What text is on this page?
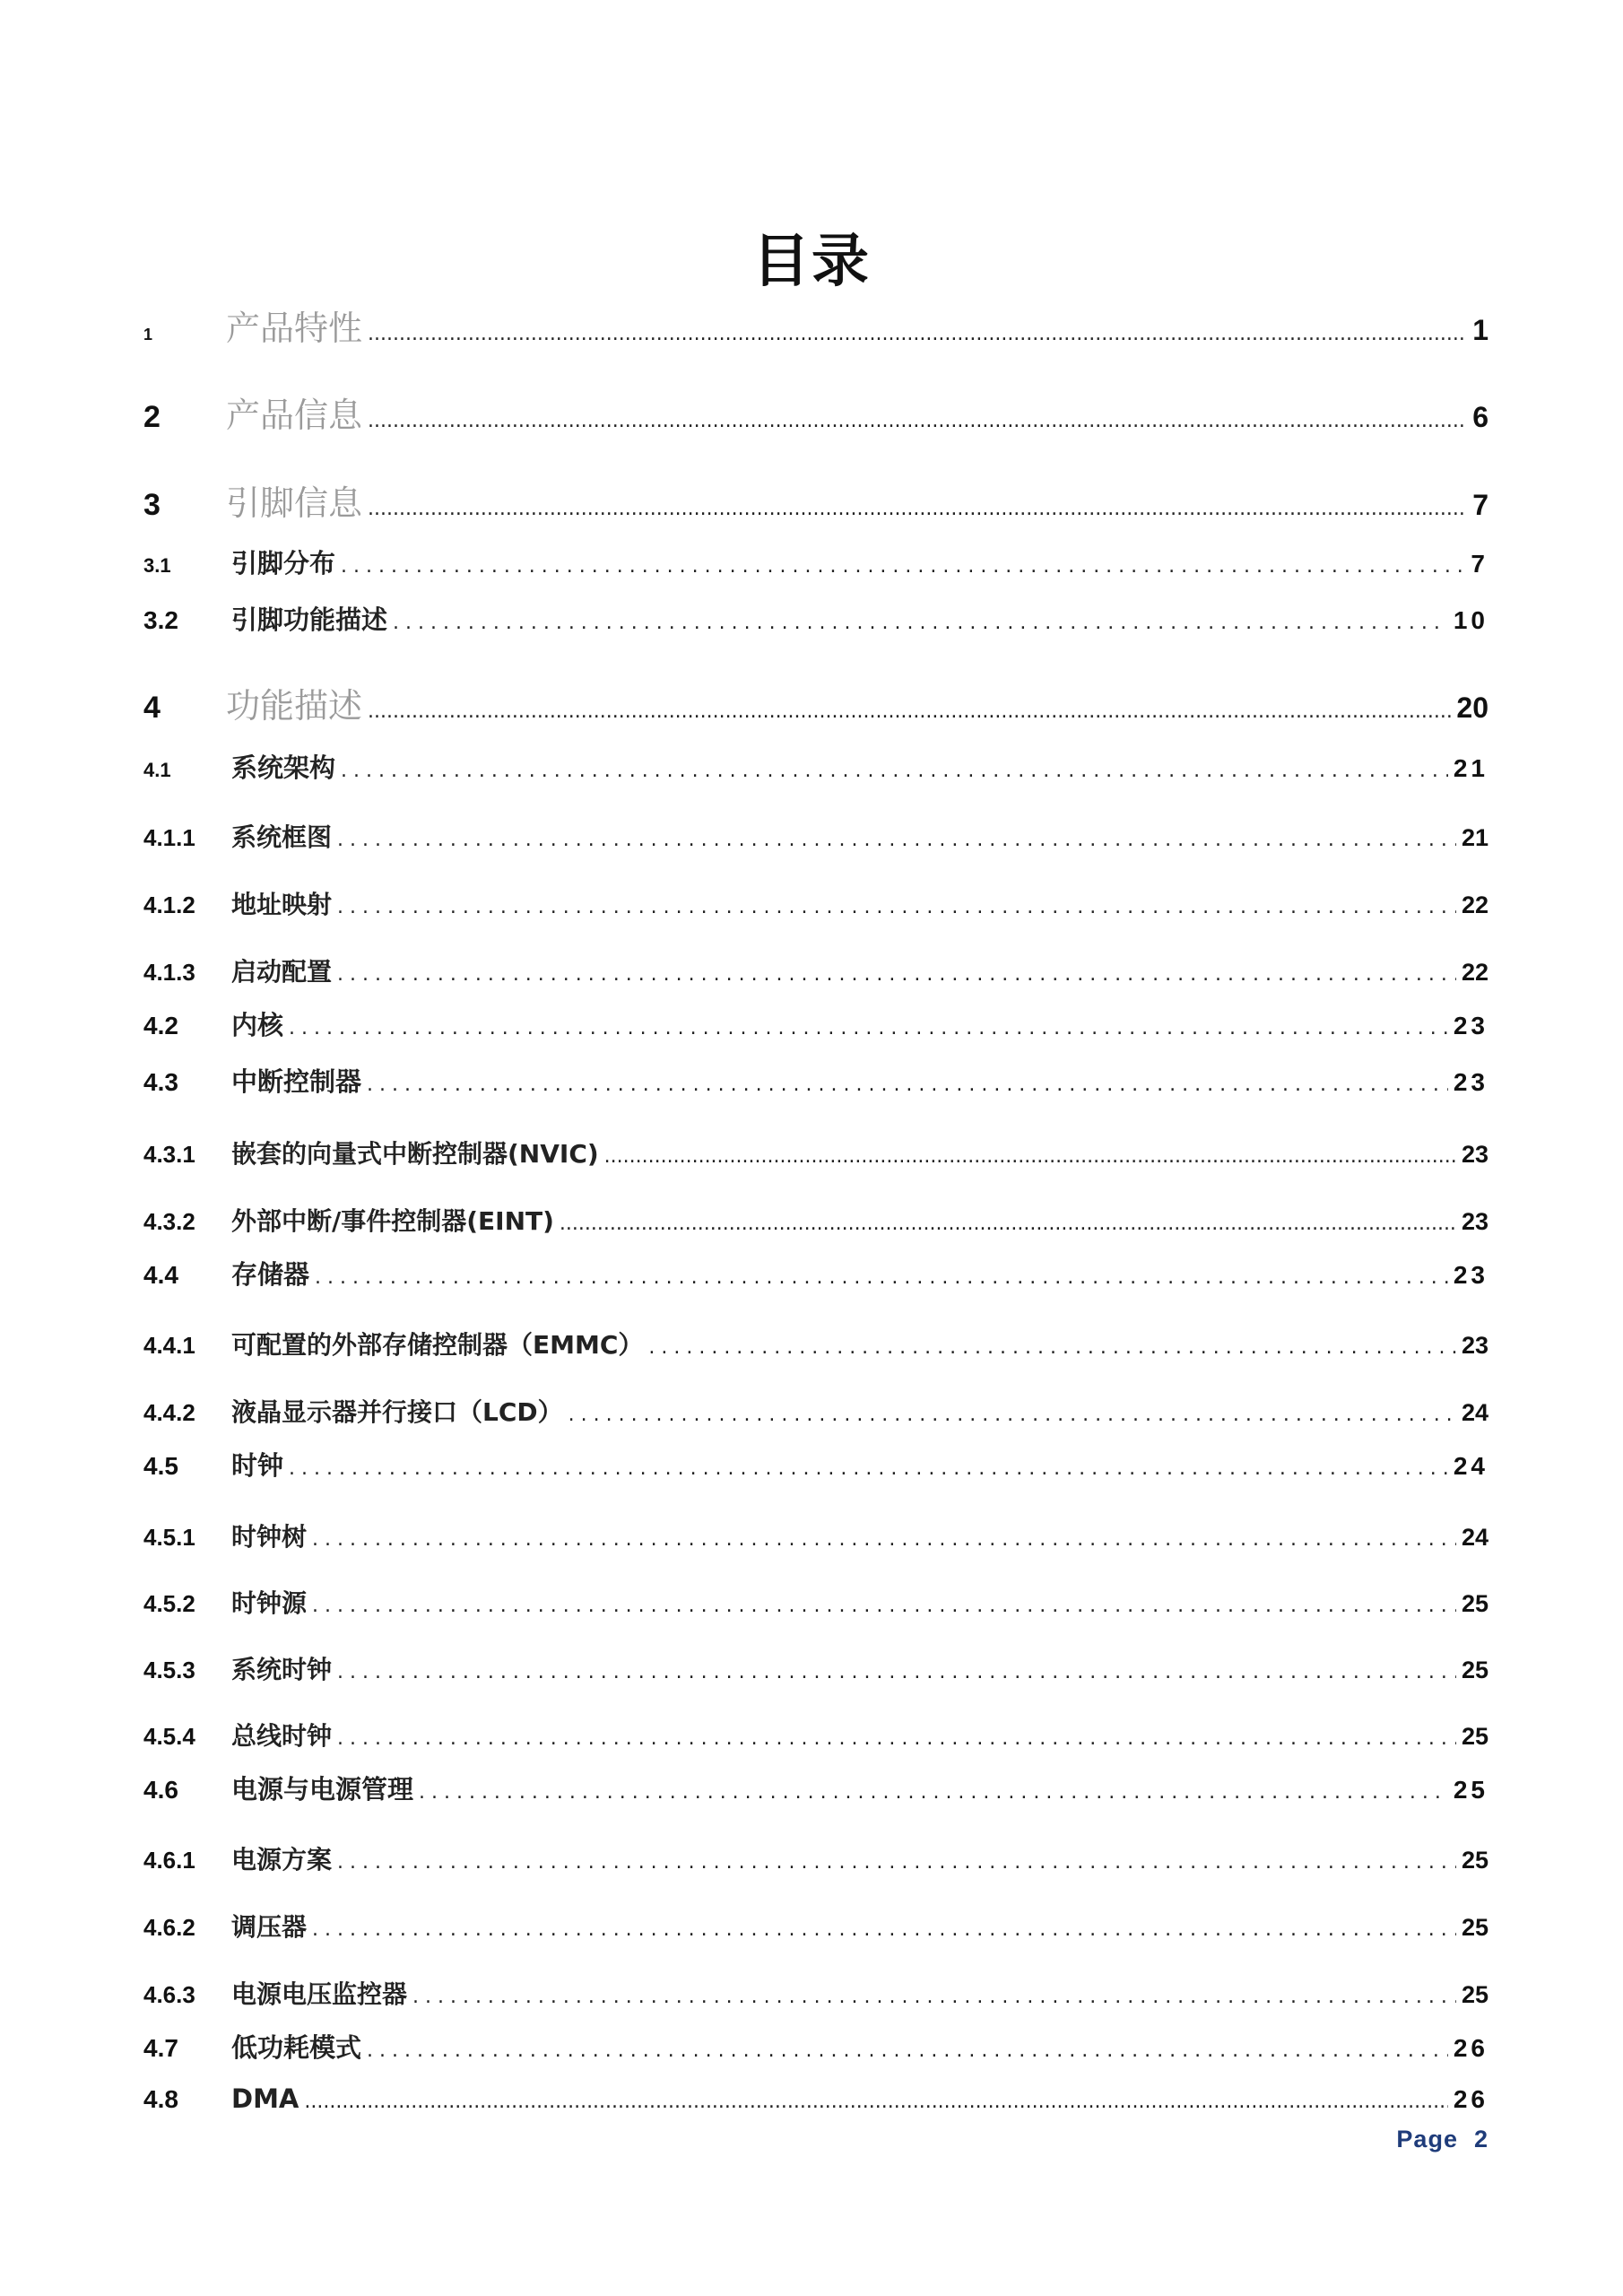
目录
1	产品特性 .....	1
2	产品信息 .....	6
3	引脚信息 .....	7
3.1	引脚分布 . . .	7
3.2	引脚功能描述 . . .	10
4	功能描述 .....	20
4.1	系统架构 . . .	21
4.1.1	系统框图 . . .	21
4.1.2	地址映射 . . .	22
4.1.3	启动配置 . . .	22
4.2	内核 . . .	23
4.3	中断控制器 . . .	23
4.3.1	嵌套的向量式中断控制器(NVIC) .....	23
4.3.2	外部中断/事件控制器(EINT) .....	23
4.4	存储器 . . .	23
4.4.1	可配置的外部存储控制器（EMMC） . . .	23
4.4.2	液晶显示器并行接口（LCD） . . .	24
4.5	时钟 . . .	24
4.5.1	时钟树 . . .	24
4.5.2	时钟源 . . .	25
4.5.3	系统时钟 . . .	25
4.5.4	总线时钟 . . .	25
4.6	电源与电源管理 . . .	25
4.6.1	电源方案 . . .	25
4.6.2	调压器 . . .	25
4.6.3	电源电压监控器 . . .	25
4.7	低功耗模式 . . .	26
4.8	DMA .....	26
Page 2
